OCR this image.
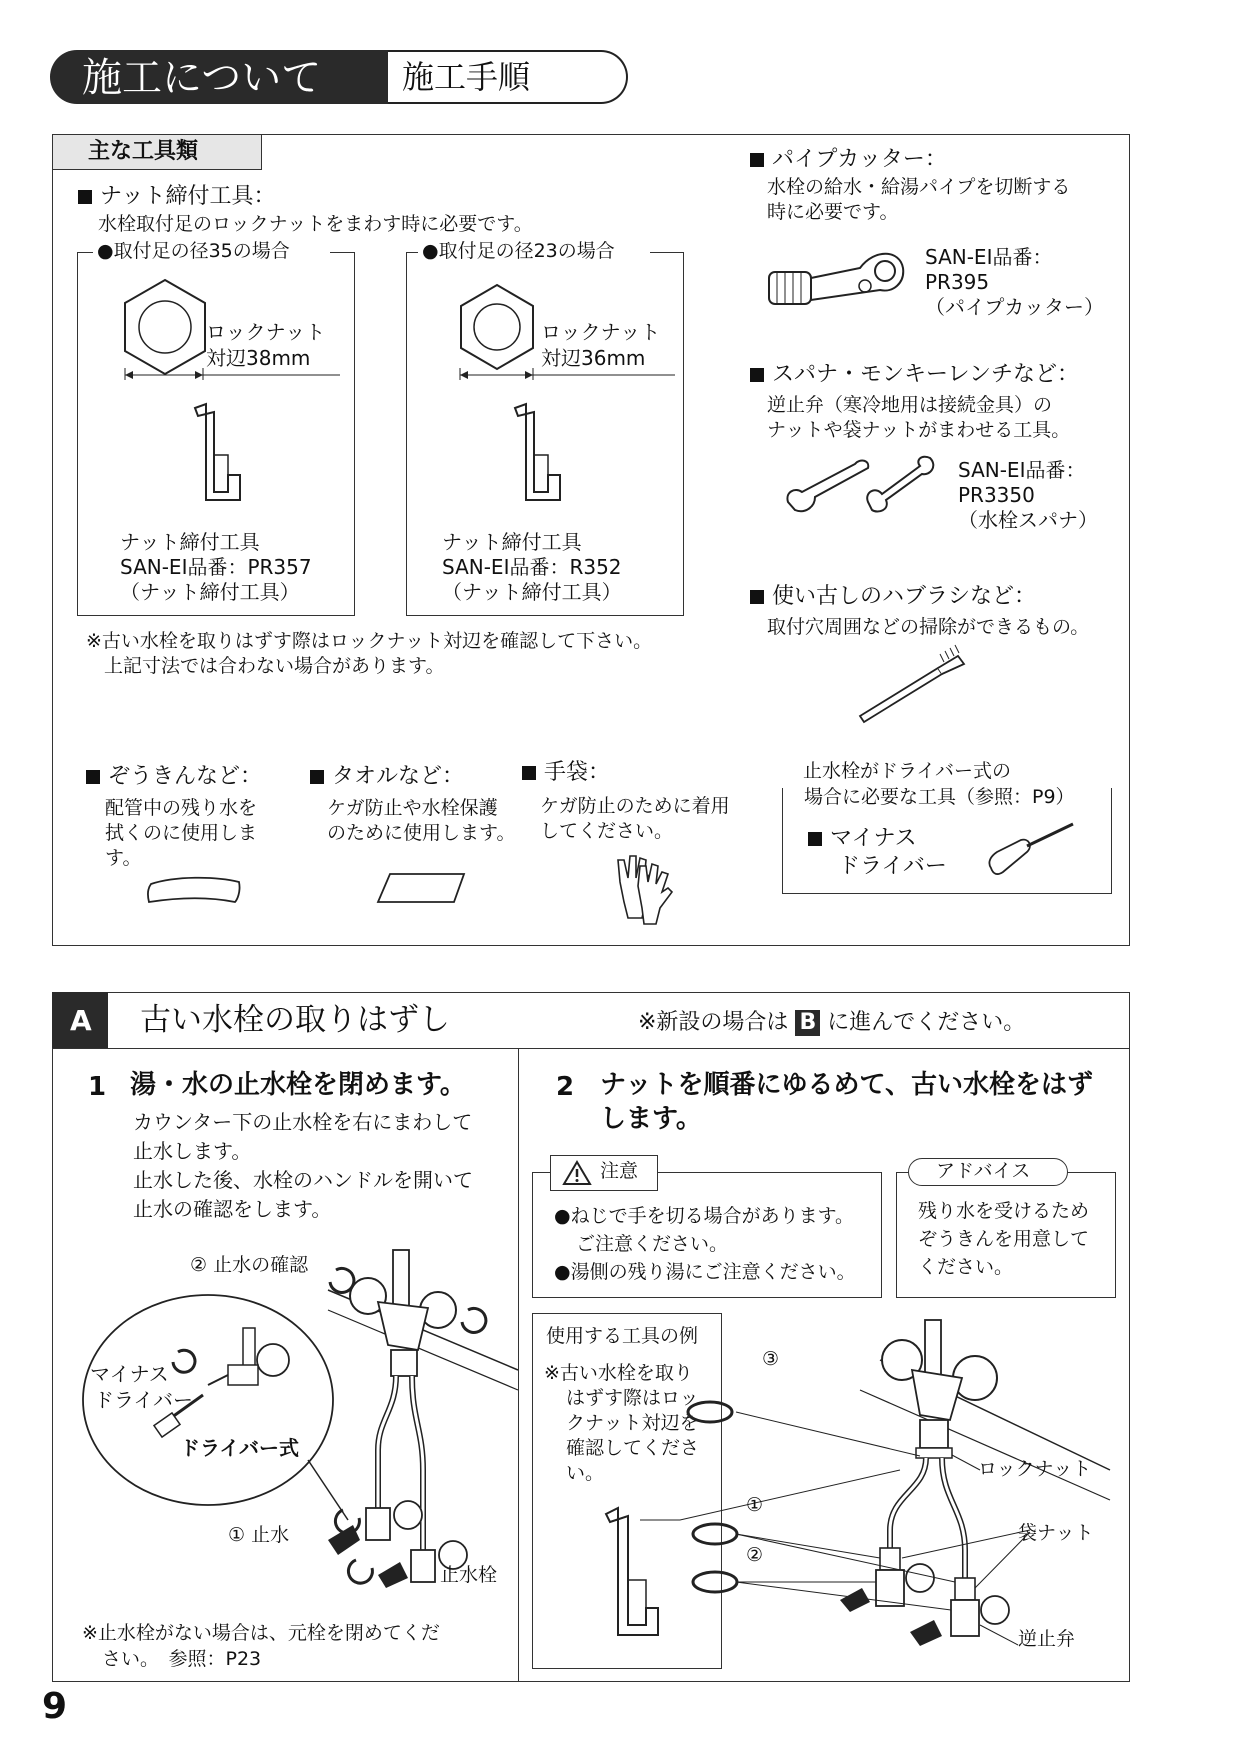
施工について	施工手順
主な工具類
ナット締付工具：
水栓取付足のロックナットをまわす時に必要です。
●取付足の径35の場合
ロックナット
対辺38mm
ナット締付工具
SAN-EI品番：PR357
（ナット締付工具）
●取付足の径23の場合
ロックナット
対辺36mm
ナット締付工具
SAN-EI品番：R352
（ナット締付工具）
※古い水栓を取りはずす際はロックナット対辺を確認して下さい。
上記寸法では合わない場合があります。
パイプカッター：
水栓の給水・給湯パイプを切断する
時に必要です。
SAN-EI品番：
PR395
（パイプカッター）
スパナ・モンキーレンチなど：
逆止弁（寒冷地用は接続金具）の
ナットや袋ナットがまわせる工具。
SAN-EI品番：
PR3350
（水栓スパナ）
使い古しのハブラシなど：
取付穴周囲などの掃除ができるもの。
ぞうきんなど：
配管中の残り水を
拭くのに使用しま
す。
タオルなど：
ケガ防止や水栓保護
のために使用します。
手袋：
ケガ防止のために着用
してください。
止水栓がドライバー式の
場合に必要な工具（参照：P9）
マイナス
ドライバー
A 古い水栓の取りはずし	※新設の場合は B に進んでください。
1 湯・水の止水栓を閉めます。
カウンター下の止水栓を右にまわして
止水します。
止水した後、水栓のハンドルを開いて
止水の確認をします。
② 止水の確認
マイナス
ドライバー
ドライバー式
① 止水
止水栓
※止水栓がない場合は、元栓を閉めてくだ
さい。　参照：P23
2 ナットを順番にゆるめて、古い水栓をはず
します。
注意
●ねじで手を切る場合があります。
ご注意ください。
●湯側の残り湯にご注意ください。
アドバイス
残り水を受けるため
ぞうきんを用意して
ください。
使用する工具の例
※古い水栓を取り
はずす際はロッ
クナット対辺を
確認してくださ
い。
③
①
②
ロックナット
袋ナット
逆止弁
9
